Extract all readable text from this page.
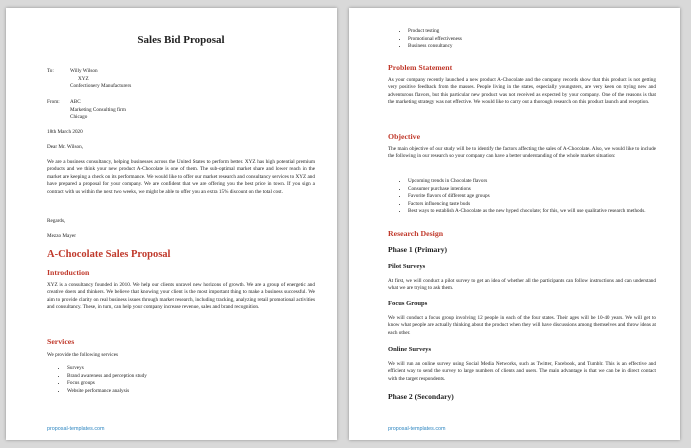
Sales Bid Proposal

To:	Willy Wilson
XYZ
Confectionery Manufacturers
From:	ABC
Marketing Consulting firm
Chicago

18th March 2020

Dear Mr. Wilson,

We are a business consultancy, helping businesses across the United States to perform better. XYZ has high potential premium products and we think your new product A-Chocolate is one of them. The sub-optimal market share and lower reach in the market are keeping a check on its performance. We would like to offer our market research and consultancy services to XYZ and have prepared a proposal for your company. We are confident that we are offering you the best price in town. If you sign a contract with us within the next two weeks, we might be able to offer you an extra 15% discount on the total cost.

Regards,

Mezzo Mayer

A-Chocolate Sales Proposal

Introduction

XYZ is a consultancy founded in 2010. We help our clients unravel new horizons of growth. We are a group of energetic and creative doers and thinkers. We believe that knowing your client is the most important thing to make a business successful. We aim to provide clarity on real business issues through market research, including tracking, analyzing retail promotional activities and consultancy. These, in turn, can help your company increase revenue, sales and brand recognition.

Services

We provide the following services

• Surveys
• Brand awareness and perception study
• Focus groups
• Website performance analysis
proposal-templates.com
• Product testing
• Promotional effectiveness
• Business consultancy

Problem Statement

As your company recently launched a new product A-Chocolate and the company records show that this product is not getting very positive feedback from the masses. People living in the states, especially youngsters, are very keen on trying new and adventurous flavors, but this particular new product was not received as expected by your company. One of the reasons is that the marketing strategy was not effective. We would like to carry out a thorough research on this product launch and reception.

Objective

The main objective of our study will be to identify the factors affecting the sales of A-Chocolate. Also, we would like to include the following in our research so your company can have a better understanding of the whole market situation:

• Upcoming trends in Chocolate flavors
• Consumer purchase intentions
• Favorite flavors of different age groups
• Factors influencing taste buds
• Best ways to establish A-Chocolate as the new hyped chocolate; for this, we will use qualitative research methods.

Research Design

Phase 1 (Primary)

Pilot Surveys

At first, we will conduct a pilot survey to get an idea of whether all the participants can follow instructions and can understand what we are trying to ask them.

Focus Groups

We will conduct a focus group involving 12 people in each of the four states. Their ages will be 10-40 years. We will get to know what people are actually thinking about the product when they will have discussions among themselves and throw ideas at each other.

Online Surveys

We will run an online survey using Social Media Networks, such as Twitter, Facebook, and Tumblr. This is an effective and efficient way to send the survey to large numbers of clients and users. The main advantage is that we can be in direct contact with the target respondents.

Phase 2 (Secondary)

proposal-templates.com
